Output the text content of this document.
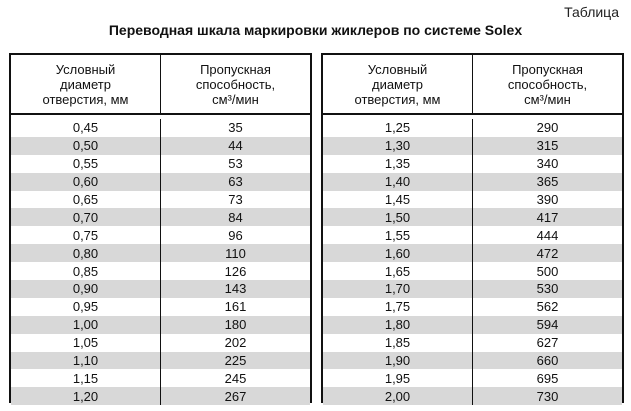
Таблица
Переводная шкала маркировки жиклеров по системе Solex
Условный
диаметр
отверстия, мм
Пропускная
способность,
см³/мин
0,45	35
0,50	44
0,55	53
0,60	63
0,65	73
0,70	84
0,75	96
0,80	110
0,85	126
0,90	143
0,95	161
1,00	180
1,05	202
1,10	225
1,15	245
1,20	267
Условный
диаметр
отверстия, мм
Пропускная
способность,
см³/мин
1,25	290
1,30	315
1,35	340
1,40	365
1,45	390
1,50	417
1,55	444
1,60	472
1,65	500
1,70	530
1,75	562
1,80	594
1,85	627
1,90	660
1,95	695
2,00	730
